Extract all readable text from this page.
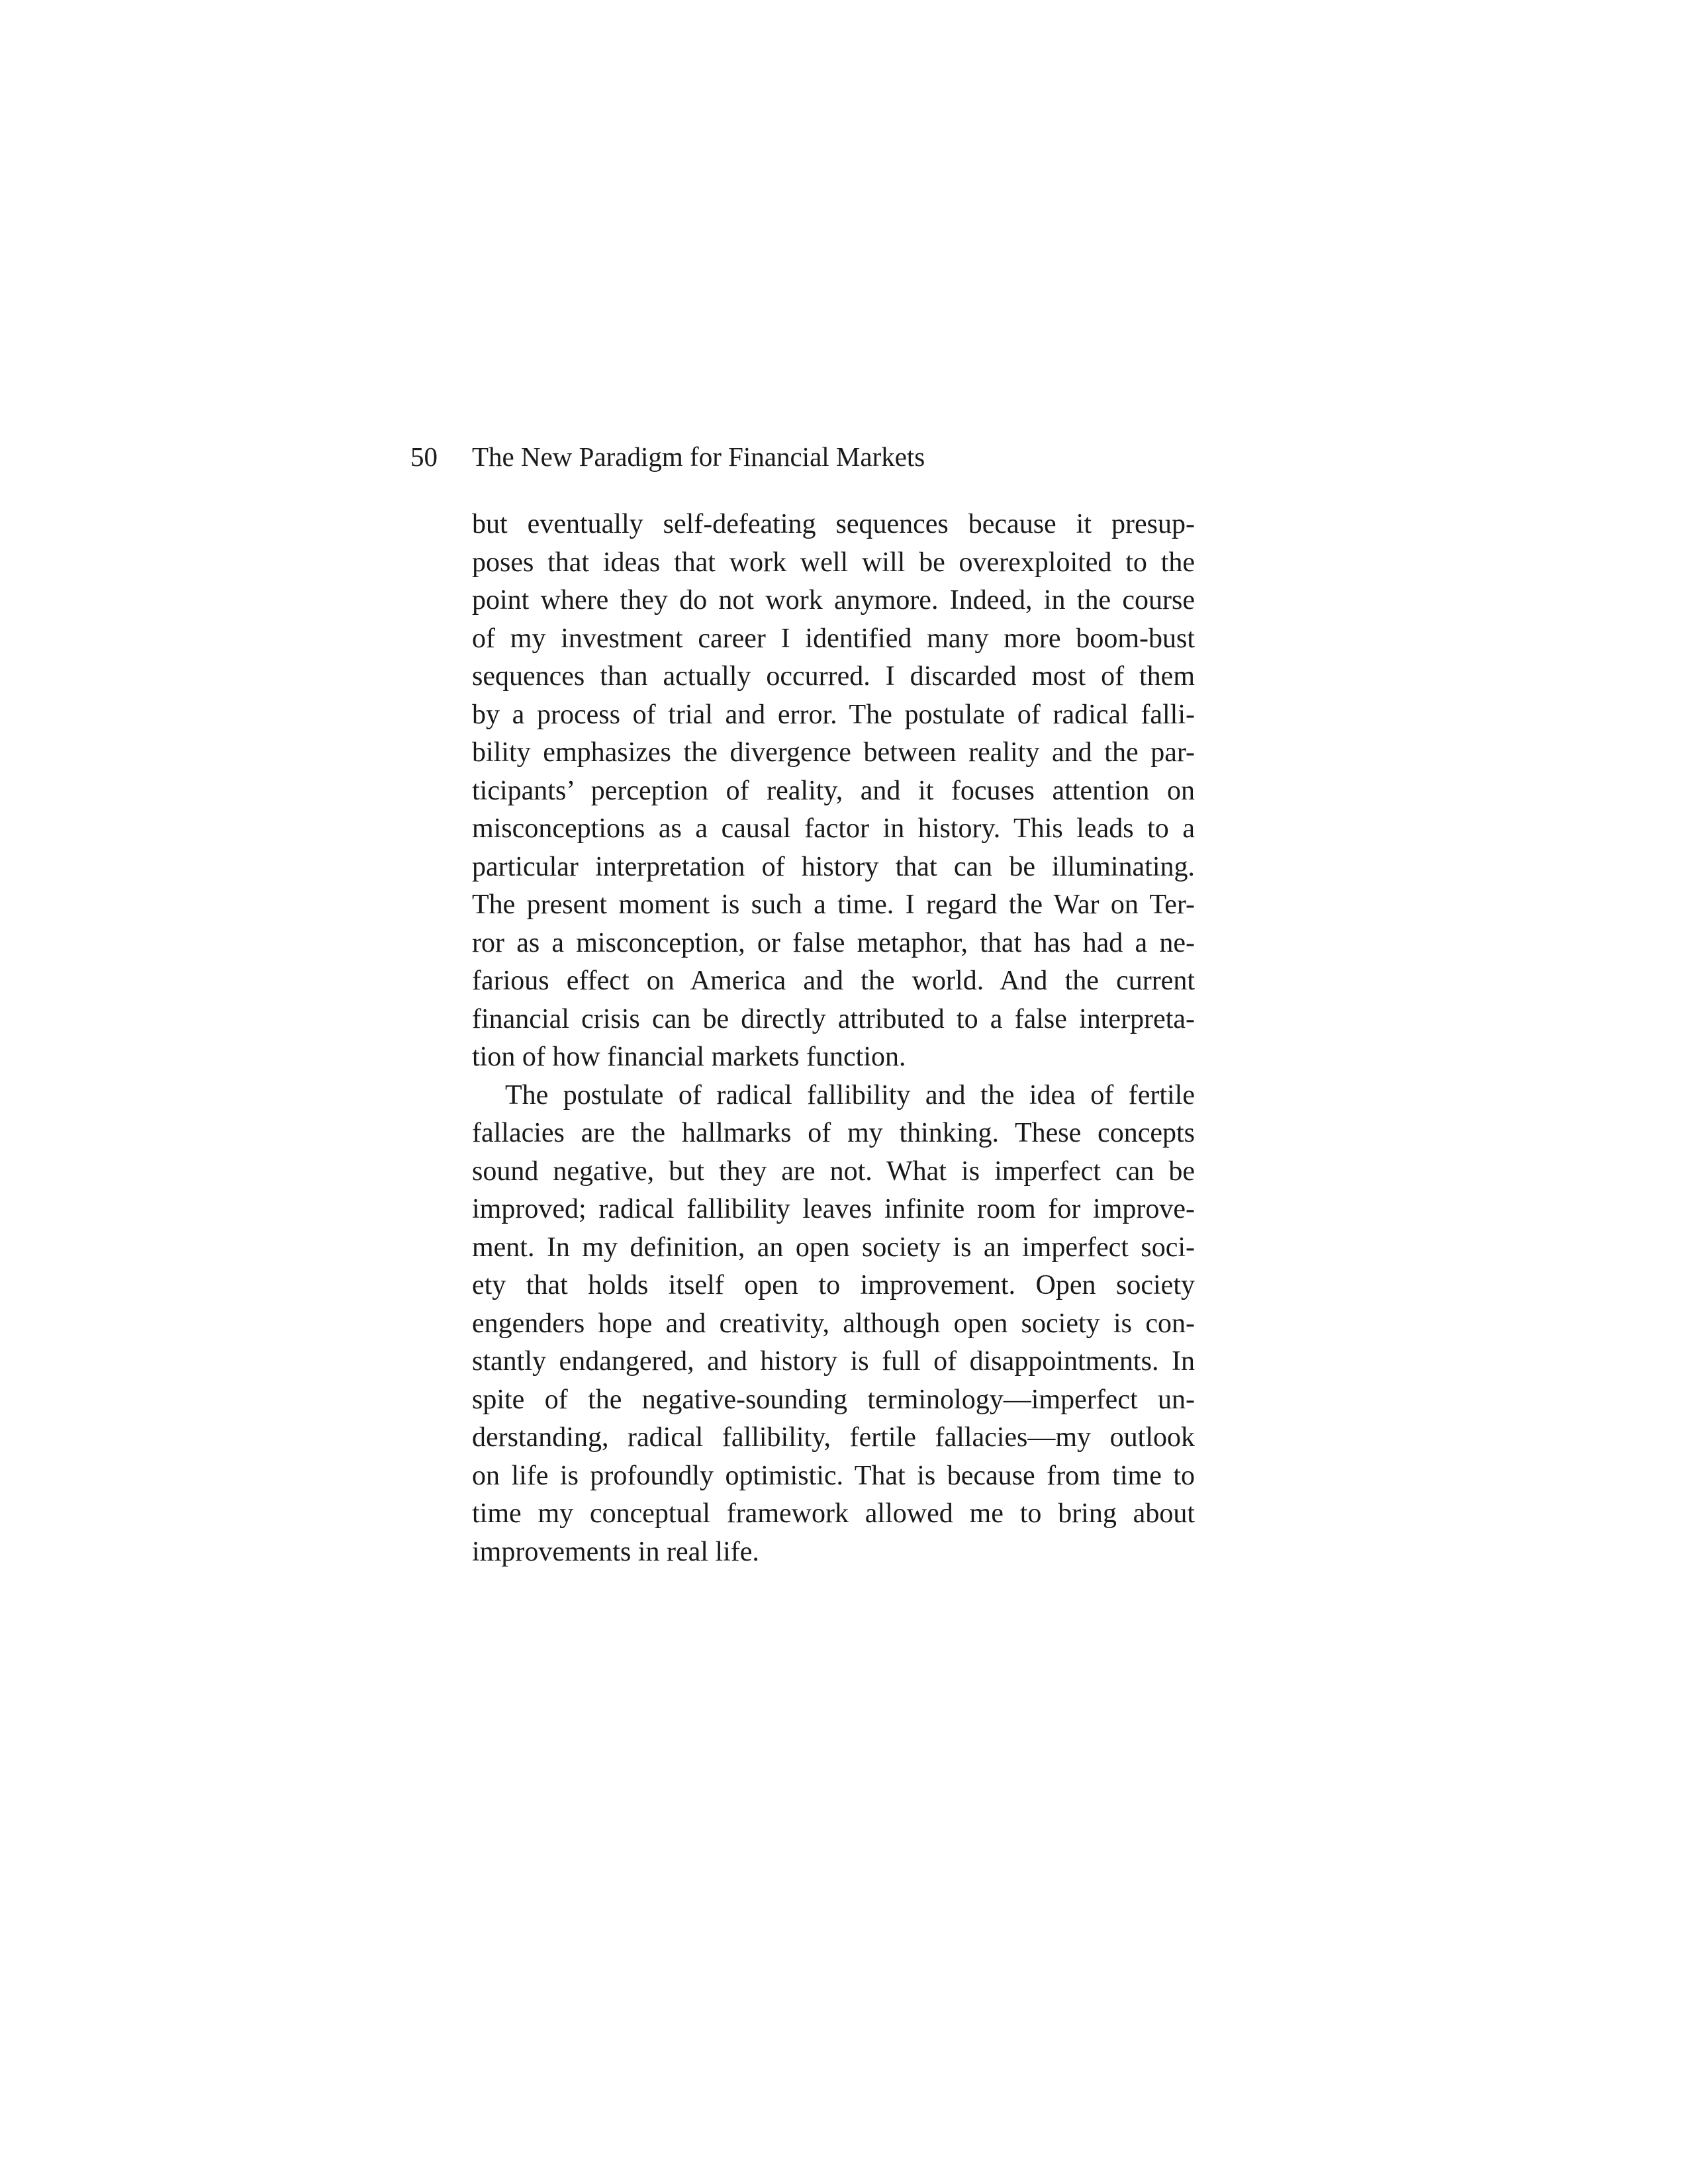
50 The New Paradigm for Financial Markets
but eventually self-defeating sequences because it presup-
poses that ideas that work well will be overexploited to the
point where they do not work anymore. Indeed, in the course
of my investment career I identified many more boom-bust
sequences than actually occurred. I discarded most of them
by a process of trial and error. The postulate of radical falli-
bility emphasizes the divergence between reality and the par-
ticipants’ perception of reality, and it focuses attention on
misconceptions as a causal factor in history. This leads to a
particular interpretation of history that can be illuminating.
The present moment is such a time. I regard the War on Ter-
ror as a misconception, or false metaphor, that has had a ne-
farious effect on America and the world. And the current
financial crisis can be directly attributed to a false interpreta-
tion of how financial markets function.
The postulate of radical fallibility and the idea of fertile
fallacies are the hallmarks of my thinking. These concepts
sound negative, but they are not. What is imperfect can be
improved; radical fallibility leaves infinite room for improve-
ment. In my definition, an open society is an imperfect soci-
ety that holds itself open to improvement. Open society
engenders hope and creativity, although open society is con-
stantly endangered, and history is full of disappointments. In
spite of the negative-sounding terminology—imperfect un-
derstanding, radical fallibility, fertile fallacies—my outlook
on life is profoundly optimistic. That is because from time to
time my conceptual framework allowed me to bring about
improvements in real life.
